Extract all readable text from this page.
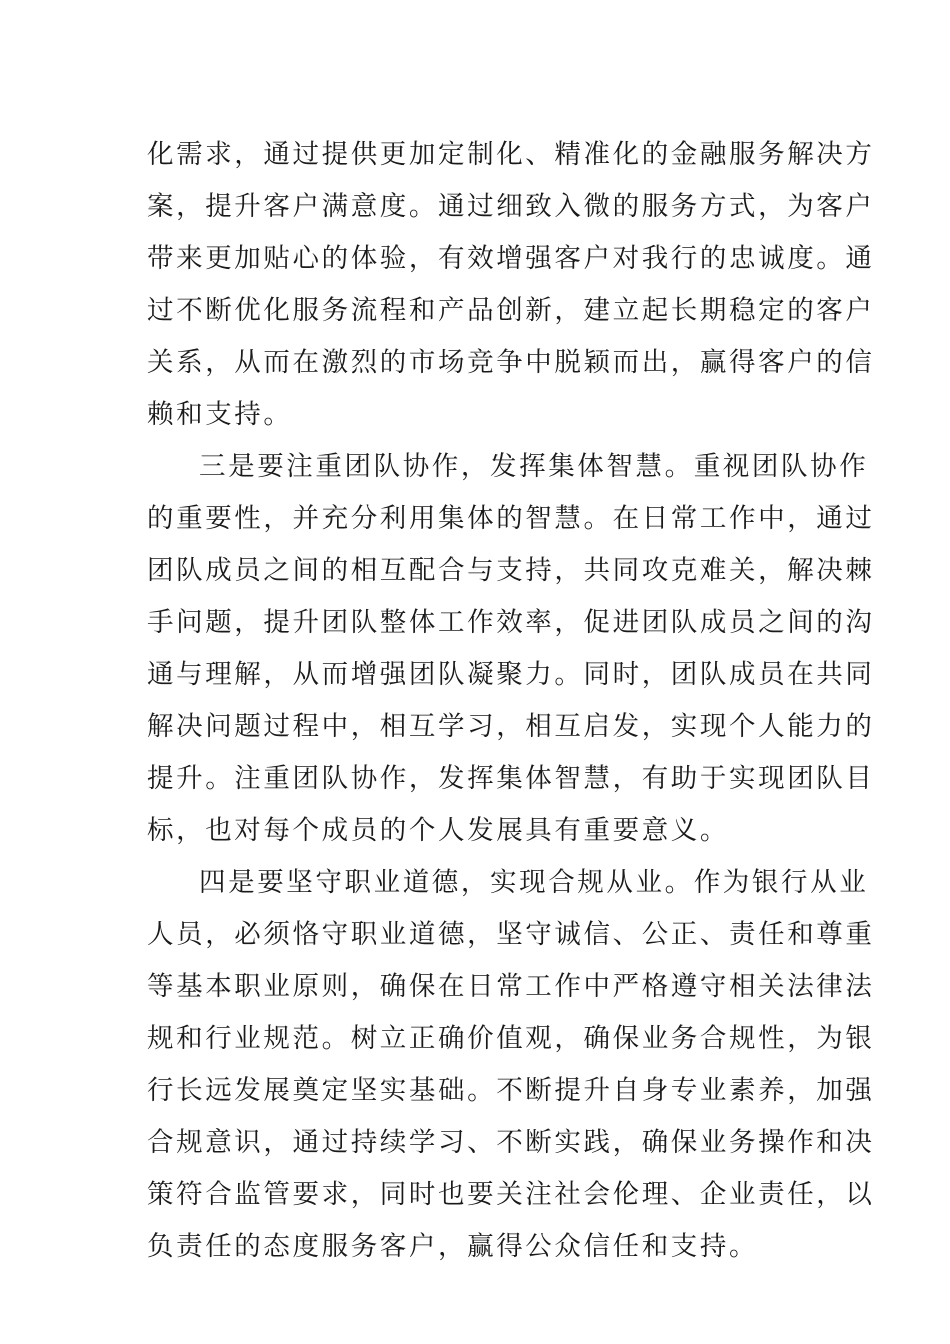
化需求，通过提供更加定制化、精准化的金融服务解决方
案，提升客户满意度。通过细致入微的服务方式，为客户
带来更加贴心的体验，有效增强客户对我行的忠诚度。通
过不断优化服务流程和产品创新，建立起长期稳定的客户
关系，从而在激烈的市场竞争中脱颖而出，赢得客户的信
赖和支持。
三是要注重团队协作，发挥集体智慧。重视团队协作
的重要性，并充分利用集体的智慧。在日常工作中，通过
团队成员之间的相互配合与支持，共同攻克难关，解决棘
手问题，提升团队整体工作效率，促进团队成员之间的沟
通与理解，从而增强团队凝聚力。同时，团队成员在共同
解决问题过程中，相互学习，相互启发，实现个人能力的
提升。注重团队协作，发挥集体智慧，有助于实现团队目
标，也对每个成员的个人发展具有重要意义。
四是要坚守职业道德，实现合规从业。作为银行从业
人员，必须恪守职业道德，坚守诚信、公正、责任和尊重
等基本职业原则，确保在日常工作中严格遵守相关法律法
规和行业规范。树立正确价值观，确保业务合规性，为银
行长远发展奠定坚实基础。不断提升自身专业素养，加强
合规意识，通过持续学习、不断实践，确保业务操作和决
策符合监管要求，同时也要关注社会伦理、企业责任，以
负责任的态度服务客户，赢得公众信任和支持。
